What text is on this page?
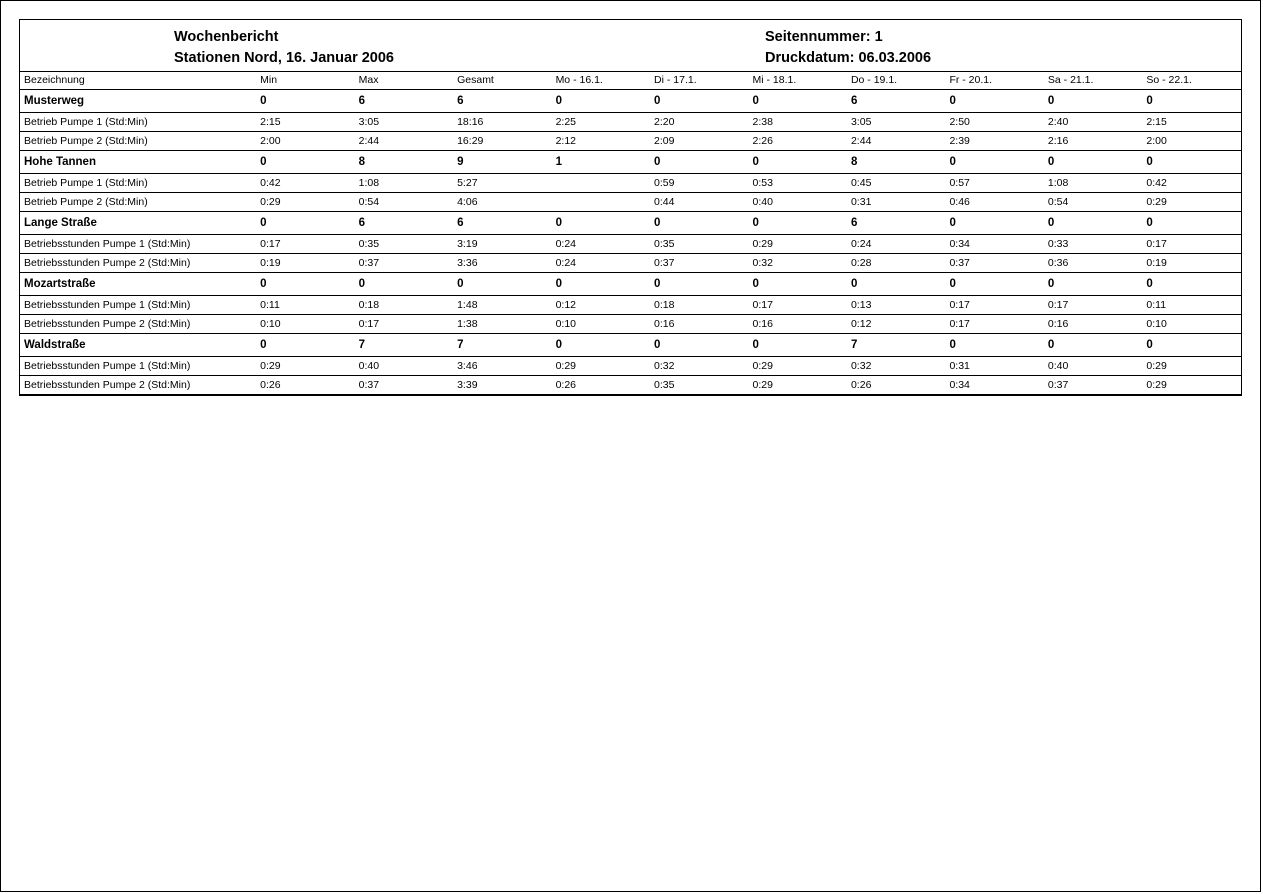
Wochenbericht
Stationen Nord, 16. Januar 2006
Seitennummer: 1
Druckdatum: 06.03.2006
Bezeichnung	Min	Max	Gesamt	Mo - 16.1.	Di - 17.1.	Mi - 18.1.	Do - 19.1.	Fr - 20.1.	Sa - 21.1.	So - 22.1.
Musterweg	0	6	6	0	0	0	6	0	0	0
Betrieb Pumpe 1 (Std:Min)	2:15	3:05	18:16	2:25	2:20	2:38	3:05	2:50	2:40	2:15
Betrieb Pumpe 2 (Std:Min)	2:00	2:44	16:29	2:12	2:09	2:26	2:44	2:39	2:16	2:00
Hohe Tannen	0	8	9	1	0	0	8	0	0	0
Betrieb Pumpe 1 (Std:Min)	0:42	1:08	5:27		0:59	0:53	0:45	0:57	1:08	0:42
Betrieb Pumpe 2 (Std:Min)	0:29	0:54	4:06		0:44	0:40	0:31	0:46	0:54	0:29
Lange Straße	0	6	6	0	0	0	6	0	0	0
Betriebsstunden Pumpe 1 (Std:Min)	0:17	0:35	3:19	0:24	0:35	0:29	0:24	0:34	0:33	0:17
Betriebsstunden Pumpe 2 (Std:Min)	0:19	0:37	3:36	0:24	0:37	0:32	0:28	0:37	0:36	0:19
Mozartstraße	0	0	0	0	0	0	0	0	0	0
Betriebsstunden Pumpe 1 (Std:Min)	0:11	0:18	1:48	0:12	0:18	0:17	0:13	0:17	0:17	0:11
Betriebsstunden Pumpe 2 (Std:Min)	0:10	0:17	1:38	0:10	0:16	0:16	0:12	0:17	0:16	0:10
Waldstraße	0	7	7	0	0	0	7	0	0	0
Betriebsstunden Pumpe 1 (Std:Min)	0:29	0:40	3:46	0:29	0:32	0:29	0:32	0:31	0:40	0:29
Betriebsstunden Pumpe 2 (Std:Min)	0:26	0:37	3:39	0:26	0:35	0:29	0:26	0:34	0:37	0:29
